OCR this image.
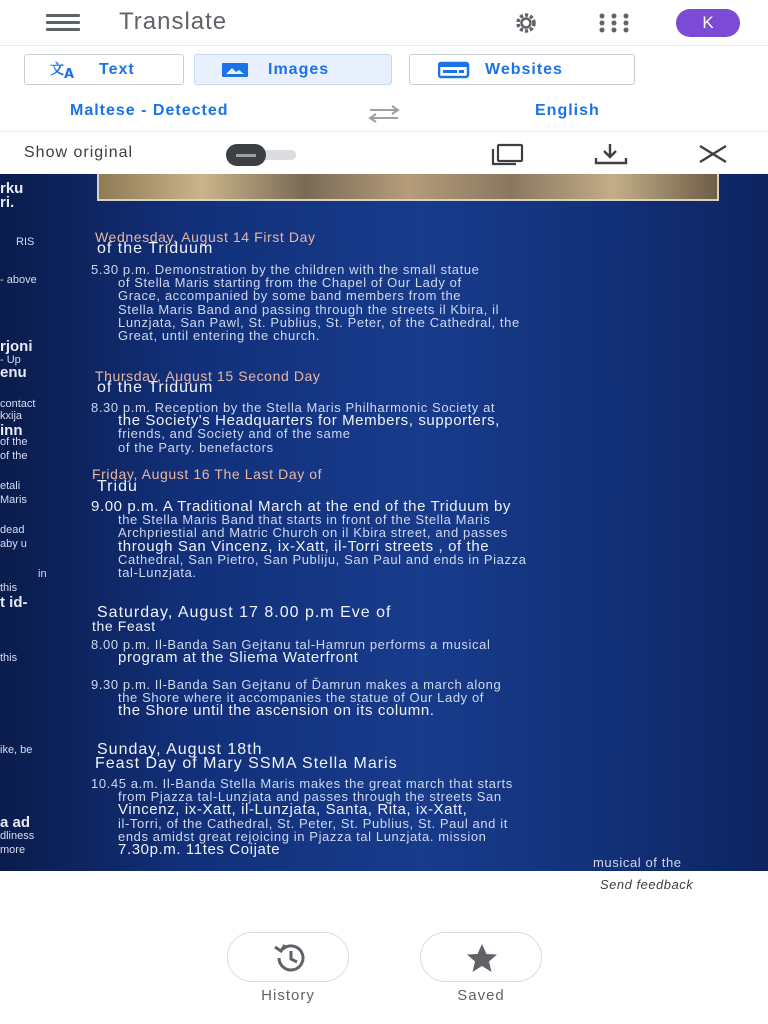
Translate	K
文 A Text	Images	Websites
Maltese - Detected	English
Show original
rku
ri.
RIS
- above
rjoni
- Up
enu
contact
kxija
inn
of the
of the
etali
Maris
dead
aby u
in
this
t id-
this
ike, be
a ad
dliness
more
Wednesday, August 14 First Day
of the Triduum
5.30 p.m. Demonstration by the children with the small statue
of Stella Maris starting from the Chapel of Our Lady of
Grace, accompanied by some band members from the
Stella Maris Band and passing through the streets il Kbira, il
Lunzjata, San Pawl, St. Publius, St. Peter, of the Cathedral, the
Great, until entering the church.
Thursday, August 15 Second Day
of the Triduum
8.30 p.m. Reception by the Stella Maris Philharmonic Society at
the Society's Headquarters for Members, supporters,
friends, and Society and of the same
of the Party. benefactors
Friday, August 16 The Last Day of
Tridu
9.00 p.m. A Traditional March at the end of the Triduum by
the Stella Maris Band that starts in front of the Stella Maris
Archpriestial and Matric Church on il Kbira street, and passes
through San Vincenz, ix-Xatt, il-Torri streets , of the
Cathedral, San Pietro, San Publiju, San Paul and ends in Piazza
tal-Lunzjata.
Saturday, August 17 8.00 p.m Eve of
the Feast
8.00 p.m. Il-Banda San Gejtanu tal-Hamrun performs a musical
program at the Sliema Waterfront
9.30 p.m. Il-Banda San Gejtanu of Ďamrun makes a march along
the Shore where it accompanies the statue of Our Lady of
the Shore until the ascension on its column.
Sunday, August 18th
Feast Day of Mary SSMA Stella Maris
10.45 a.m. Il-Banda Stella Maris makes the great march that starts
from Pjazza tal-Lunzjata and passes through the streets San
Vincenz, ix-Xatt, il-Lunzjata, Santa, Rita, ix-Xatt,
il-Torri, of the Cathedral, St. Peter, St. Publius, St. Paul and it
ends amidst great rejoicing in Pjazza tal Lunzjata. mission
7.30p.m. 11tes Coijate
musical of the
Send feedback
History	Saved
